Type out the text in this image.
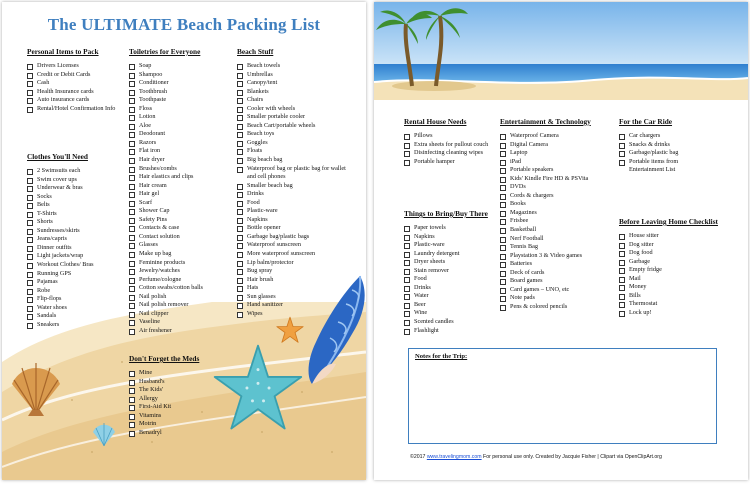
The ULTIMATE Beach Packing List
Personal Items to Pack
Drivers Licenses
Credit or Debit Cards
Cash
Health Insurance cards
Auto insurance cards
Rental/Hotel Confirmation Info
Clothes You'll Need
2 Swimsuits each
Swim cover ups
Underwear & bras
Socks
Belts
T-Shirts
Shorts
Sundresses/skirts
Jeans/capris
Dinner outfits
Light jackets/wrap
Workout Clothes/ Bras
Running GPS
Pajamas
Robe
Flip-flops
Water shoes
Sandals
Sneakers
Toiletries for Everyone
Soap
Shampoo
Conditioner
Toothbrush
Toothpaste
Floss
Lotion
Aloe
Deodorant
Razors
Flat iron
Hair dryer
Brushes/combs
Hair elastics and clips
Hair cream
Hair gel
Scarf
Shower Cap
Safety Pins
Contacts & case
Contact solution
Glasses
Make up bag
Feminine products
Jewelry/watches
Perfume/cologne
Cotton swabs/cotton balls
Nail polish
Nail polish remover
Nail clipper
Vaseline
Air freshener
Don't Forget the Meds
Mine
Husband's
The Kids'
Allergy
First-Aid Kit
Vitamins
Motrin
Benadryl
Beach Stuff
Beach towels
Umbrellas
Canopy/tent
Blankets
Chairs
Cooler with wheels
Smaller portable cooler
Beach Cart/portable wheels
Beach toys
Goggles
Floats
Big beach bag
Waterproof bag or plastic bag for wallet and cell phones
Smaller beach bag
Drinks
Food
Plastic-ware
Napkins
Bottle opener
Garbage bag/plastic bags
Waterproof sunscreen
More waterproof sunscreen
Lip balm/protector
Bug spray
Hair brush
Hats
Sun glasses
Hand sanitizer
Wipes
Rental House Needs
Pillows
Extra sheets for pullout couch
Disinfecting cleaning wipes
Portable hamper
Things to Bring/Buy There
Paper towels
Napkins
Plastic-ware
Laundry detergent
Dryer sheets
Stain remover
Food
Drinks
Water
Beer
Wine
Scented candles
Flashlight
Entertainment & Technology
Waterproof Camera
Digital Camera
Laptop
iPad
Portable speakers
Kids' Kindle Fire HD & PSVita
DVDs
Cords & chargers
Books
Magazines
Frisbee
Basketball
Nerf Football
Tennis Bag
Playstation 3 & Video games
Batteries
Deck of cards
Board games
Card games – UNO, etc
Note pads
Pens & colored pencils
For the Car Ride
Car chargers
Snacks & drinks
Garbage/plastic bag
Portable items from Entertainment List
Before Leaving Home Checklist
House sitter
Dog sitter
Dog food
Garbage
Empty fridge
Mail
Money
Bills
Thermostat
Lock up!
Notes for the Trip:
©2017 www.travelingmom.com For personal use only. Created by Jacquie Fisher | Clipart via OpenClipArt.org
